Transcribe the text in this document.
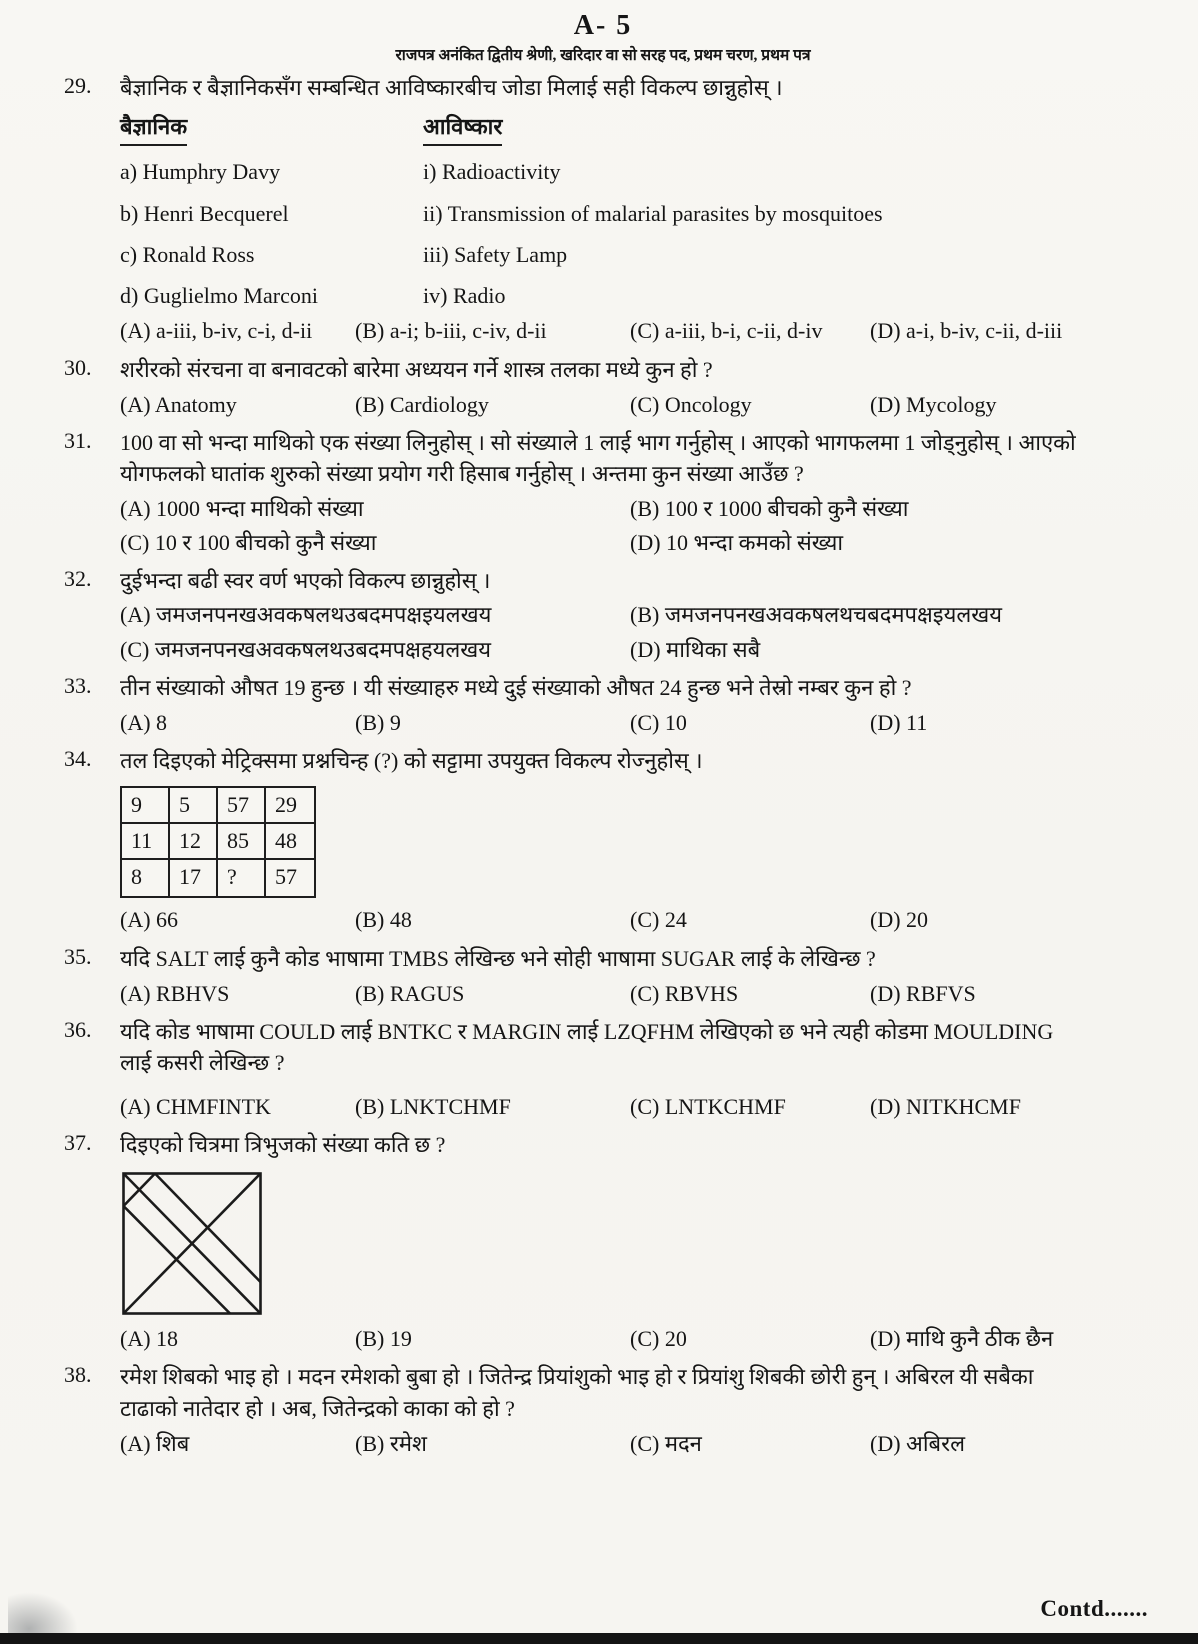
A- 5
राजपत्र अनंकित द्वितीय श्रेणी, खरिदार वा सो सरह पद, प्रथम चरण, प्रथम पत्र
29.	बैज्ञानिक र बैज्ञानिकसँग सम्बन्धित आविष्कारबीच जोडा मिलाई सही विकल्प छान्नुहोस् ।
बैज्ञानिक	आविष्कार
a) Humphry Davy	i) Radioactivity
b) Henri Becquerel	ii) Transmission of malarial parasites by mosquitoes
c) Ronald Ross	iii) Safety Lamp
d) Guglielmo Marconi	iv) Radio
(A) a-iii, b-iv, c-i, d-ii	(B) a-i; b-iii, c-iv, d-ii	(C) a-iii, b-i, c-ii, d-iv	(D) a-i, b-iv, c-ii, d-iii
30.	शरीरको संरचना वा बनावटको बारेमा अध्ययन गर्ने शास्त्र तलका मध्ये कुन हो ?
(A) Anatomy	(B) Cardiology	(C) Oncology	(D) Mycology
31.	100 वा सो भन्दा माथिको एक संख्या लिनुहोस् । सो संख्याले 1 लाई भाग गर्नुहोस् । आएको भागफलमा 1 जोड्नुहोस् । आएको
योगफलको घातांक शुरुको संख्या प्रयोग गरी हिसाब गर्नुहोस् । अन्तमा कुन संख्या आउँछ ?
(A) 1000 भन्दा माथिको संख्या	(B) 100 र 1000 बीचको कुनै संख्या
(C) 10 र 100 बीचको कुनै संख्या	(D) 10 भन्दा कमको संख्या
32.	दुईभन्दा बढी स्वर वर्ण भएको विकल्प छान्नुहोस् ।
(A) जमजनपनखअवकषलथउबदमपक्षइयलखय	(B) जमजनपनखअवकषलथचबदमपक्षइयलखय
(C) जमजनपनखअवकषलथउबदमपक्षहयलखय	(D) माथिका सबै
33.	तीन संख्याको औषत 19 हुन्छ । यी संख्याहरु मध्ये दुई संख्याको औषत 24 हुन्छ भने तेस्रो नम्बर कुन हो ?
(A) 8	(B) 9	(C) 10	(D) 11
34.	तल दिइएको मेट्रिक्समा प्रश्नचिन्ह (?) को सट्टामा उपयुक्त विकल्प रोज्नुहोस् ।
9	5	57	29
11	12	85	48
8	17	?	57
(A) 66	(B) 48	(C) 24	(D) 20
35.	यदि SALT लाई कुनै कोड भाषामा TMBS लेखिन्छ भने सोही भाषामा SUGAR लाई के लेखिन्छ ?
(A) RBHVS	(B) RAGUS	(C) RBVHS	(D) RBFVS
36.	यदि कोड भाषामा COULD लाई BNTKC र MARGIN लाई LZQFHM लेखिएको छ भने त्यही कोडमा MOULDING
लाई कसरी लेखिन्छ ?
(A) CHMFINTK	(B) LNKTCHMF	(C) LNTKCHMF	(D) NITKHCMF
37.	दिइएको चित्रमा त्रिभुजको संख्या कति छ ?
(A) 18	(B) 19	(C) 20	(D) माथि कुनै ठीक छैन
38.	रमेश शिबको भाइ हो । मदन रमेशको बुबा हो । जितेन्द्र प्रियांशुको भाइ हो र प्रियांशु शिबकी छोरी हुन् । अबिरल यी सबैका
टाढाको नातेदार हो । अब, जितेन्द्रको काका को हो ?
(A) शिब	(B) रमेश	(C) मदन	(D) अबिरल
Contd.......
